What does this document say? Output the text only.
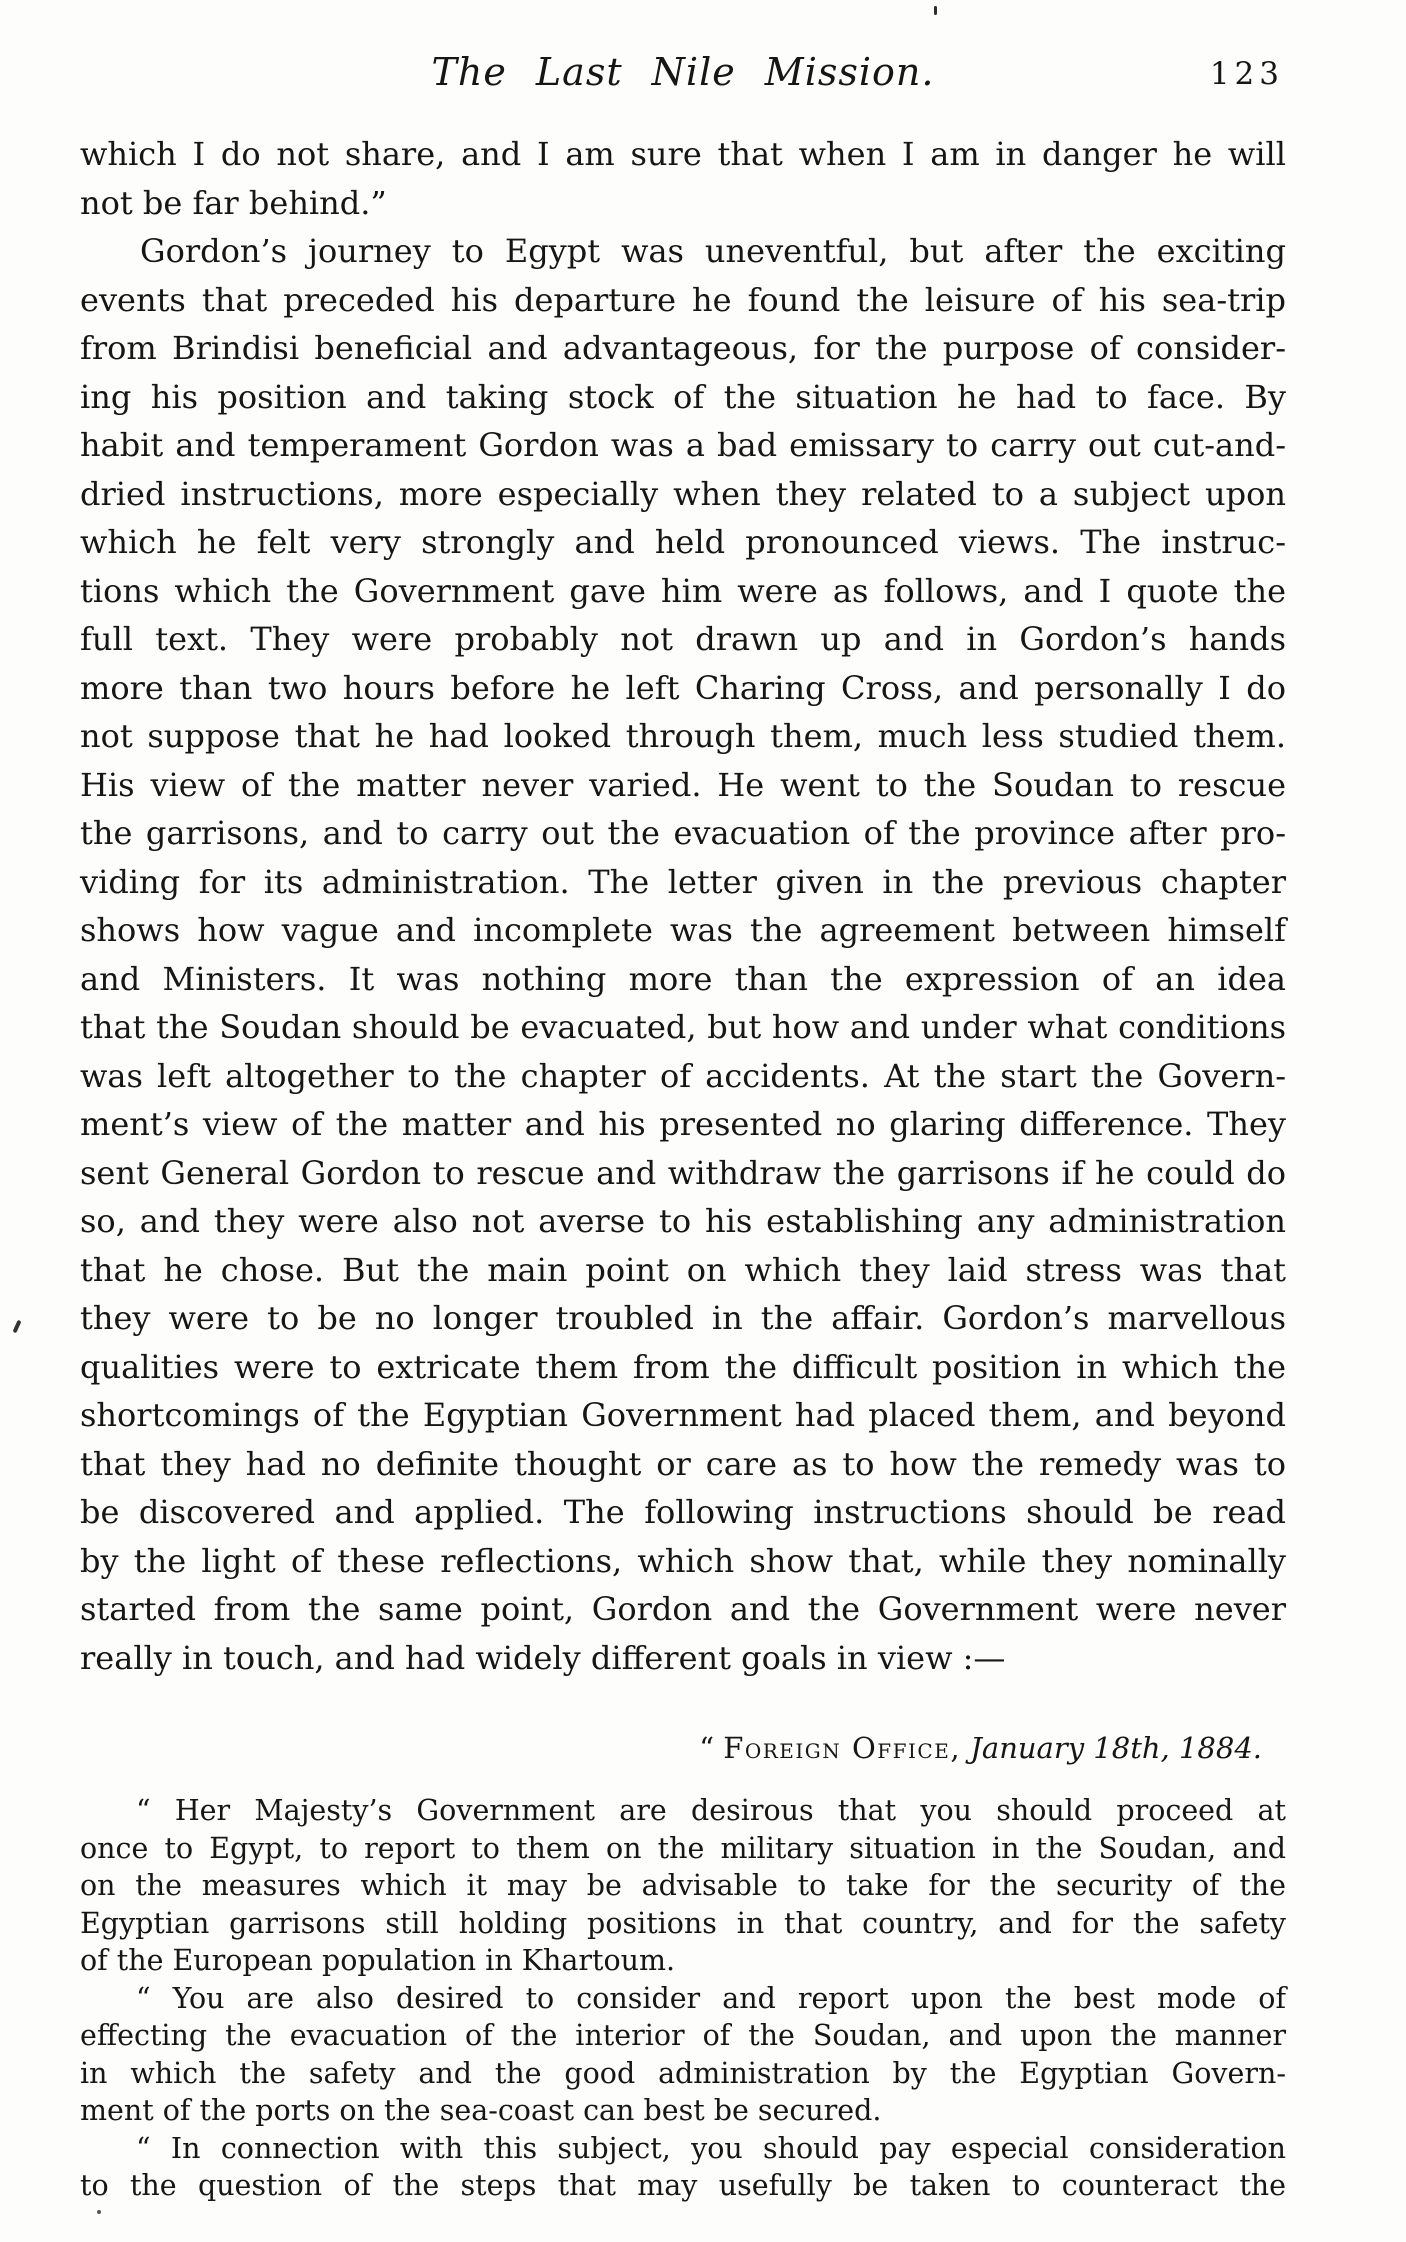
The Last Nile Mission.	123
which I do not share, and I am sure that when I am in danger he will
not be far behind.”
Gordon’s journey to Egypt was uneventful, but after the exciting
events that preceded his departure he found the leisure of his sea-trip
from Brindisi beneficial and advantageous, for the purpose of consider-
ing his position and taking stock of the situation he had to face. By
habit and temperament Gordon was a bad emissary to carry out cut-and-
dried instructions, more especially when they related to a subject upon
which he felt very strongly and held pronounced views. The instruc-
tions which the Government gave him were as follows, and I quote the
full text. They were probably not drawn up and in Gordon’s hands
more than two hours before he left Charing Cross, and personally I do
not suppose that he had looked through them, much less studied them.
His view of the matter never varied. He went to the Soudan to rescue
the garrisons, and to carry out the evacuation of the province after pro-
viding for its administration. The letter given in the previous chapter
shows how vague and incomplete was the agreement between himself
and Ministers. It was nothing more than the expression of an idea
that the Soudan should be evacuated, but how and under what conditions
was left altogether to the chapter of accidents. At the start the Govern-
ment’s view of the matter and his presented no glaring difference. They
sent General Gordon to rescue and withdraw the garrisons if he could do
so, and they were also not averse to his establishing any administration
that he chose. But the main point on which they laid stress was that
they were to be no longer troubled in the affair. Gordon’s marvellous
qualities were to extricate them from the difficult position in which the
shortcomings of the Egyptian Government had placed them, and beyond
that they had no definite thought or care as to how the remedy was to
be discovered and applied. The following instructions should be read
by the light of these reflections, which show that, while they nominally
started from the same point, Gordon and the Government were never
really in touch, and had widely different goals in view :—
“ Foreign Office, January 18th, 1884.
“ Her Majesty’s Government are desirous that you should proceed at
once to Egypt, to report to them on the military situation in the Soudan, and
on the measures which it may be advisable to take for the security of the
Egyptian garrisons still holding positions in that country, and for the safety
of the European population in Khartoum.
“ You are also desired to consider and report upon the best mode of
effecting the evacuation of the interior of the Soudan, and upon the manner
in which the safety and the good administration by the Egyptian Govern-
ment of the ports on the sea-coast can best be secured.
“ In connection with this subject, you should pay especial consideration
to the question of the steps that may usefully be taken to counteract the
